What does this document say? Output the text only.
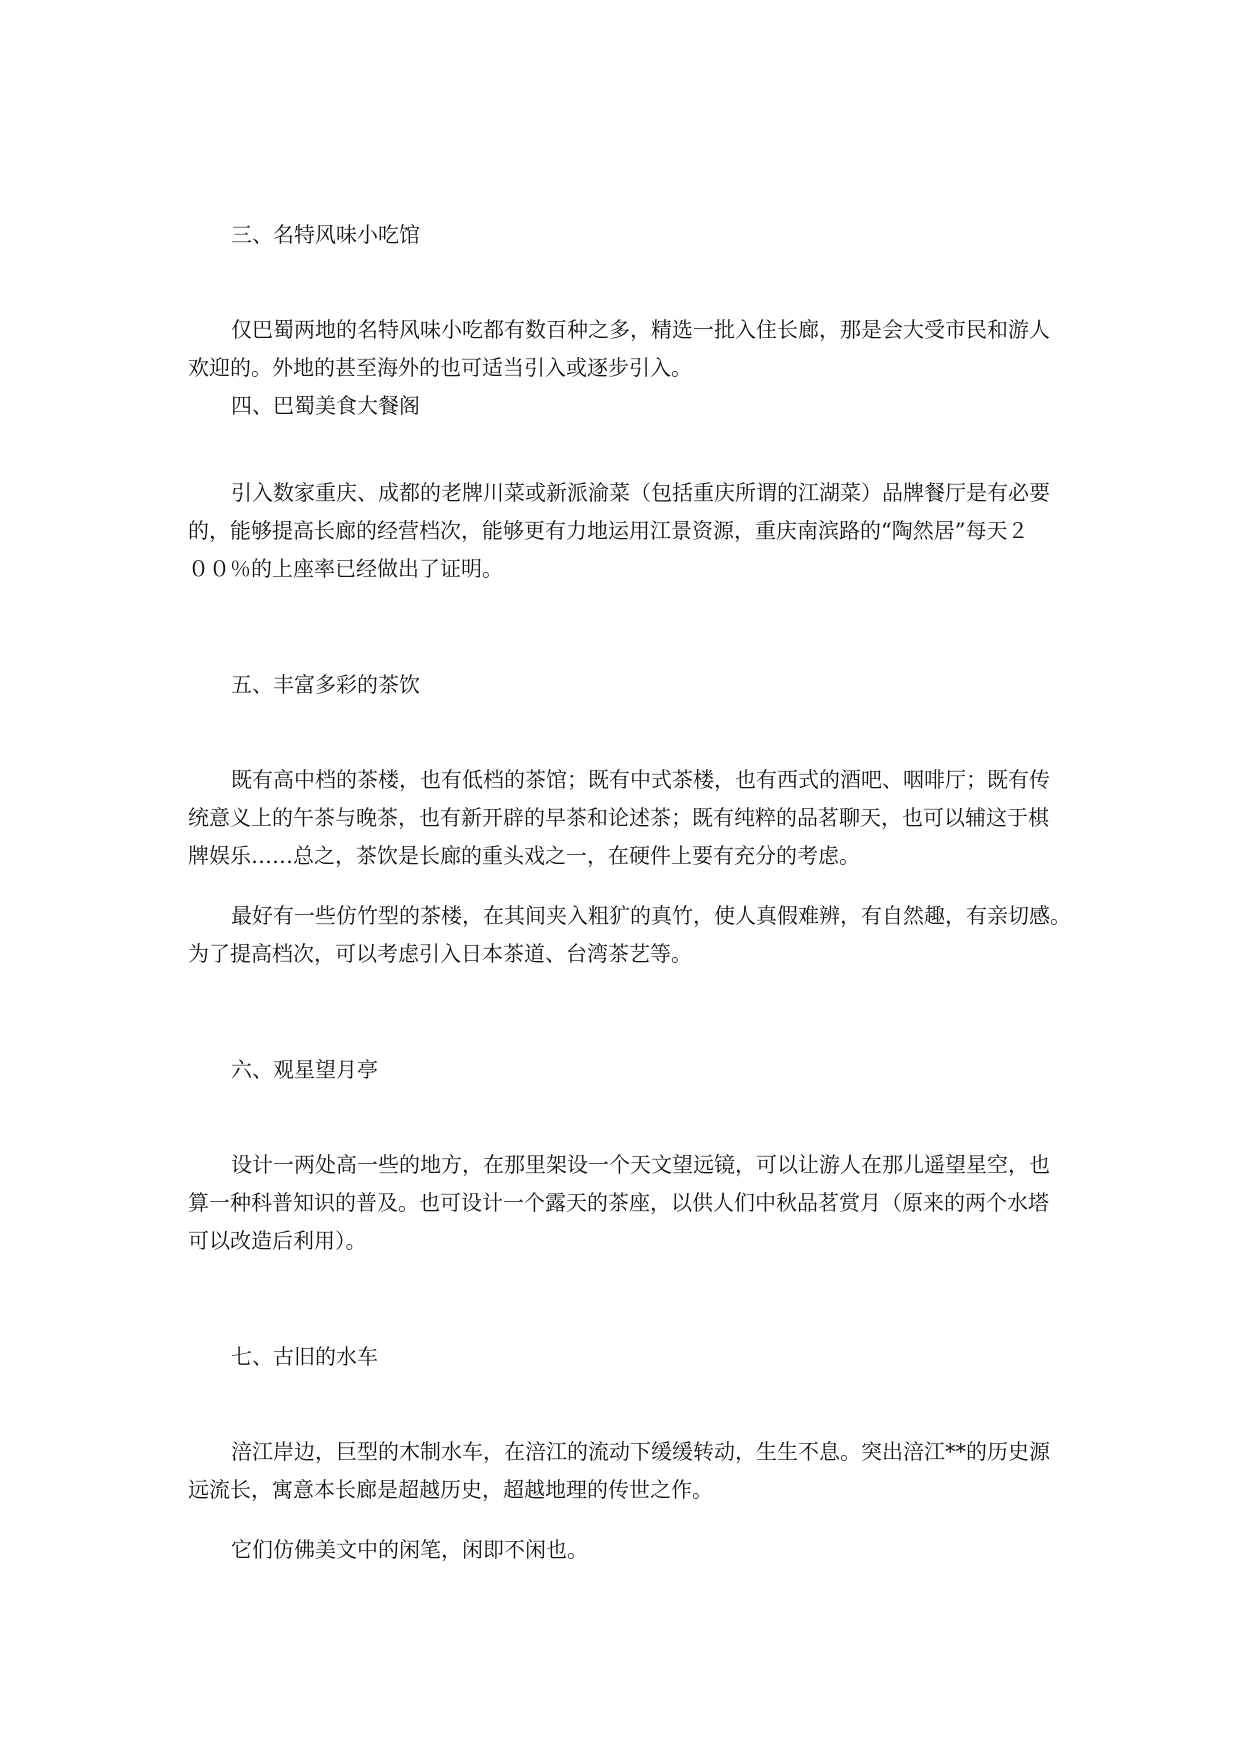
三、名特风味小吃馆
仅巴蜀两地的名特风味小吃都有数百种之多，精选一批入住长廊，那是会大受市民和游人
欢迎的。外地的甚至海外的也可适当引入或逐步引入。
四、巴蜀美食大餐阁
引入数家重庆、成都的老牌川菜或新派渝菜（包括重庆所谓的江湖菜）品牌餐厅是有必要
的，能够提高长廊的经营档次，能够更有力地运用江景资源，重庆南滨路的“陶然居”每天２
００％的上座率已经做出了证明。
五、丰富多彩的茶饮
既有高中档的茶楼，也有低档的茶馆；既有中式茶楼，也有西式的酒吧、咽啡厅；既有传
统意义上的午茶与晚茶，也有新开辟的早茶和论述茶；既有纯粹的品茗聊天，也可以辅这于棋
牌娱乐……总之，茶饮是长廊的重头戏之一，在硬件上要有充分的考虑。
最好有一些仿竹型的茶楼，在其间夹入粗犷的真竹，使人真假难辨，有自然趣，有亲切感。
为了提高档次，可以考虑引入日本茶道、台湾茶艺等。
六、观星望月亭
设计一两处高一些的地方，在那里架设一个天文望远镜，可以让游人在那儿遥望星空，也
算一种科普知识的普及。也可设计一个露天的茶座，以供人们中秋品茗赏月（原来的两个水塔
可以改造后利用）。
七、古旧的水车
涪江岸边，巨型的木制水车，在涪江的流动下缓缓转动，生生不息。突出涪江**的历史源
远流长，寓意本长廊是超越历史，超越地理的传世之作。
它们仿佛美文中的闲笔，闲即不闲也。
